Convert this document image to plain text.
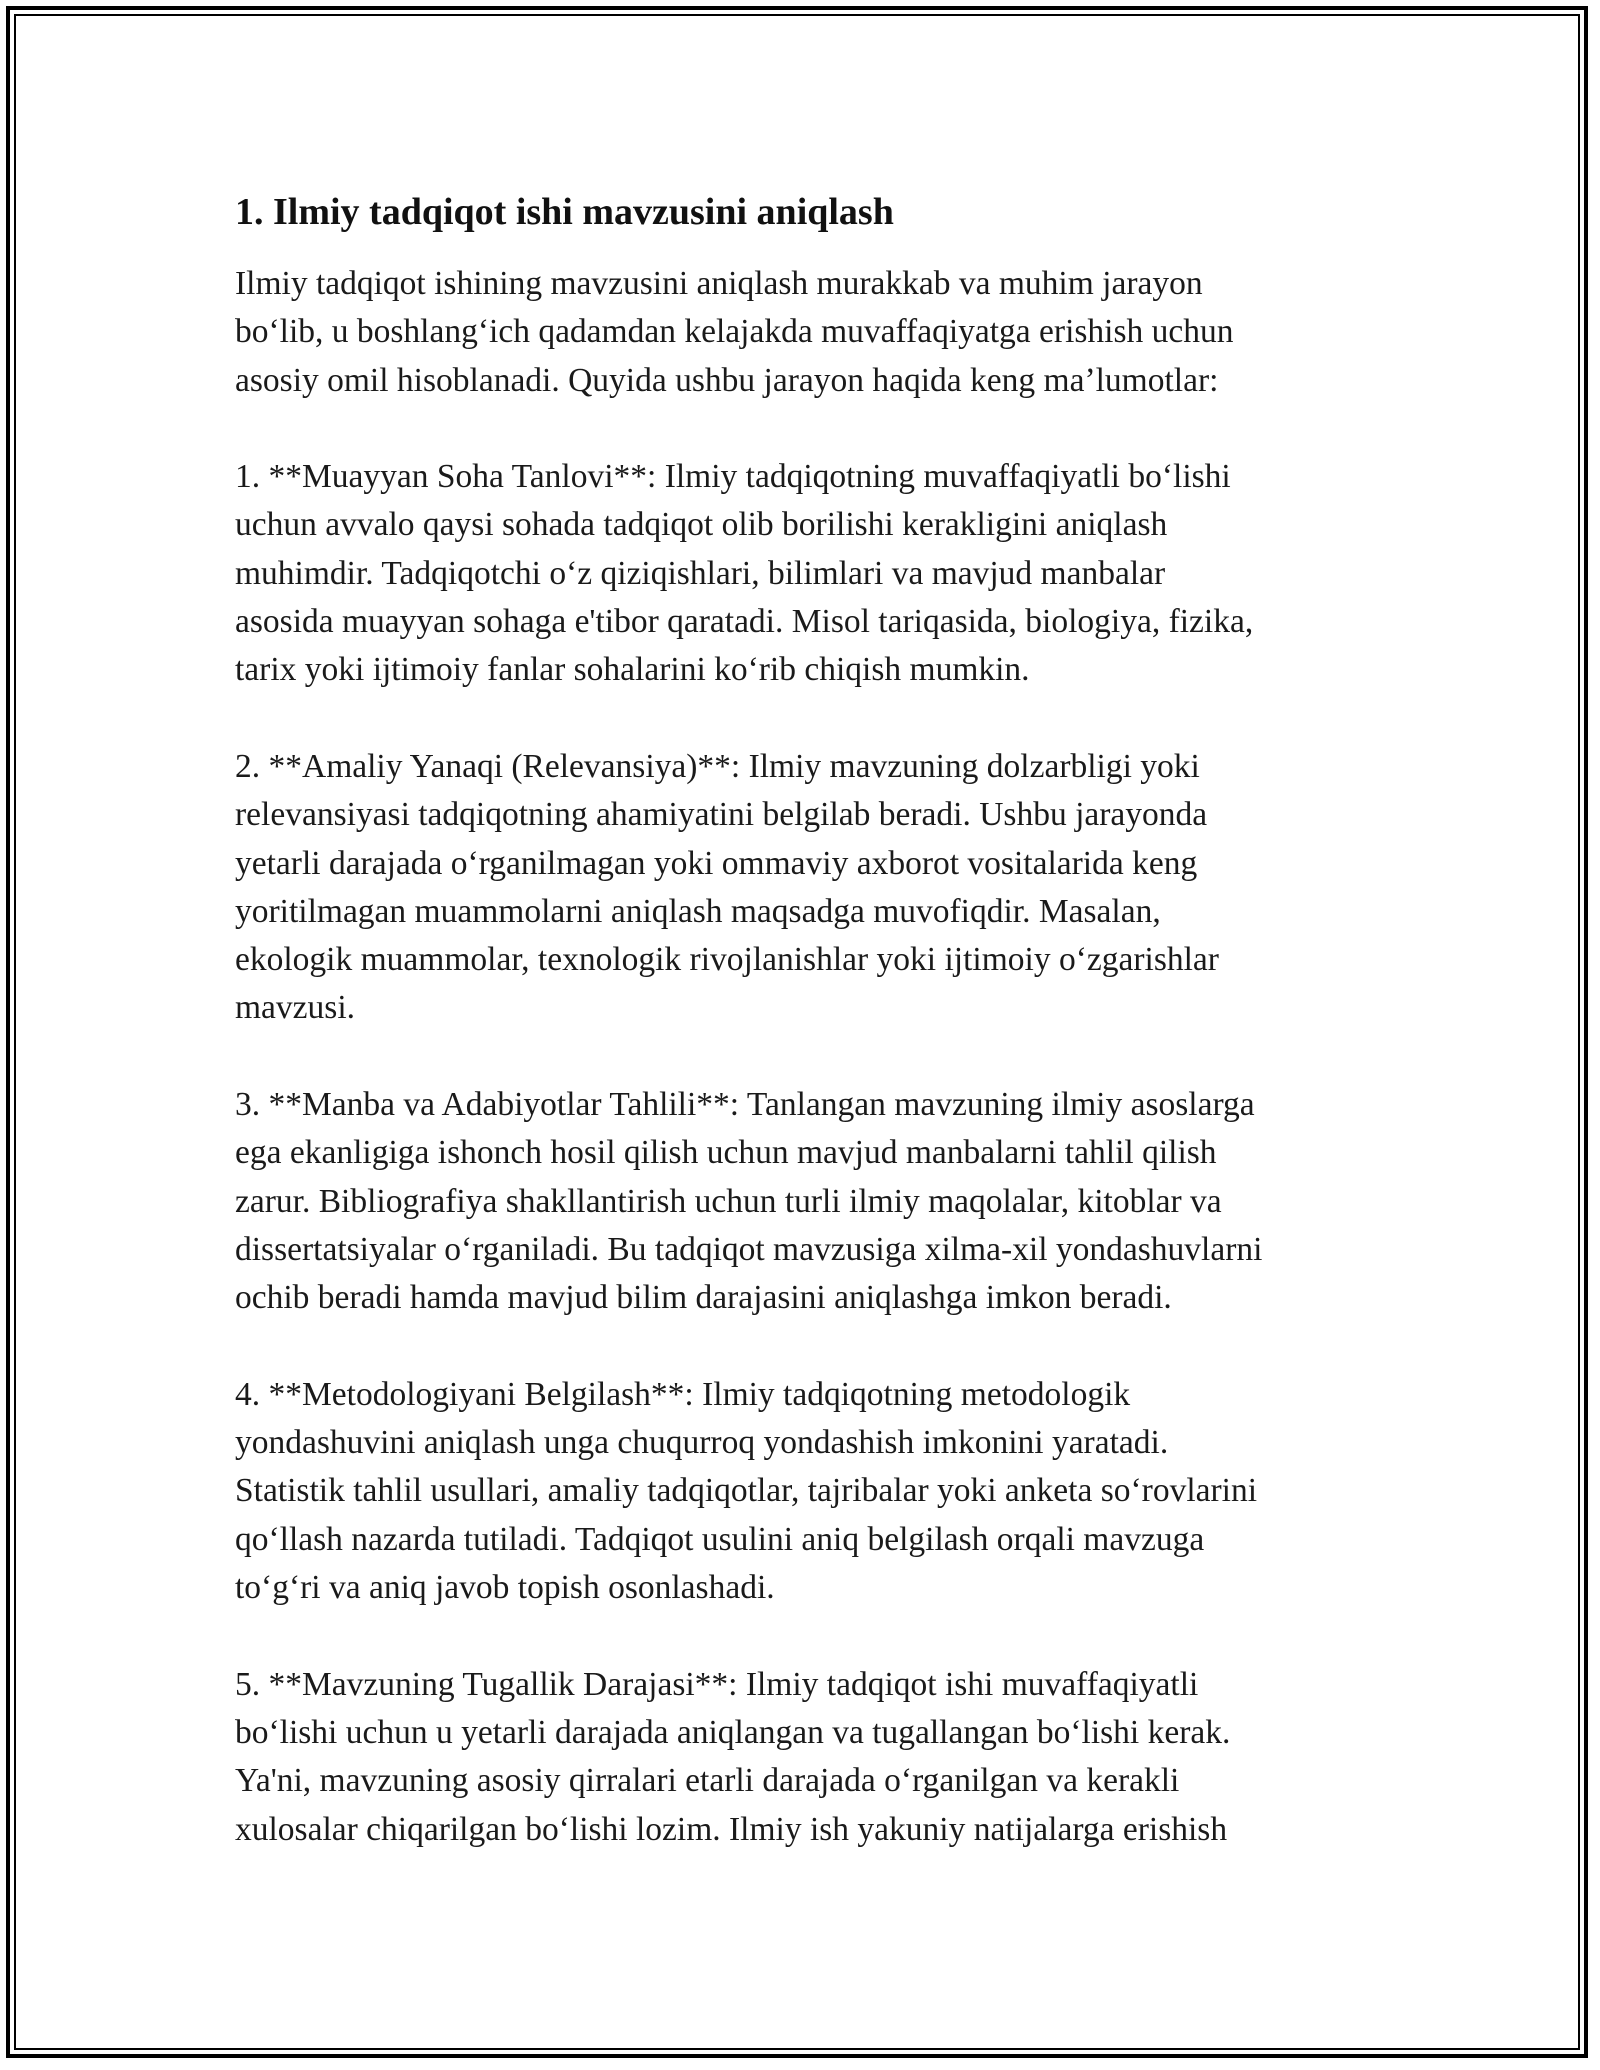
1. Ilmiy tadqiqot ishi mavzusini aniqlash

Ilmiy tadqiqot ishining mavzusini aniqlash murakkab va muhim jarayon
boʻlib, u boshlangʻich qadamdan kelajakda muvaffaqiyatga erishish uchun
asosiy omil hisoblanadi. Quyida ushbu jarayon haqida keng maʼlumotlar:

1. **Muayyan Soha Tanlovi**: Ilmiy tadqiqotning muvaffaqiyatli boʻlishi
uchun avvalo qaysi sohada tadqiqot olib borilishi kerakligini aniqlash
muhimdir. Tadqiqotchi oʻz qiziqishlari, bilimlari va mavjud manbalar
asosida muayyan sohaga e'tibor qaratadi. Misol tariqasida, biologiya, fizika,
tarix yoki ijtimoiy fanlar sohalarini koʻrib chiqish mumkin.

2. **Amaliy Yanaqi (Relevansiya)**: Ilmiy mavzuning dolzarbligi yoki
relevansiyasi tadqiqotning ahamiyatini belgilab beradi. Ushbu jarayonda
yetarli darajada oʻrganilmagan yoki ommaviy axborot vositalarida keng
yoritilmagan muammolarni aniqlash maqsadga muvofiqdir. Masalan,
ekologik muammolar, texnologik rivojlanishlar yoki ijtimoiy oʻzgarishlar
mavzusi.

3. **Manba va Adabiyotlar Tahlili**: Tanlangan mavzuning ilmiy asoslarga
ega ekanligiga ishonch hosil qilish uchun mavjud manbalarni tahlil qilish
zarur. Bibliografiya shakllantirish uchun turli ilmiy maqolalar, kitoblar va
dissertatsiyalar oʻrganiladi. Bu tadqiqot mavzusiga xilma-xil yondashuvlarni
ochib beradi hamda mavjud bilim darajasini aniqlashga imkon beradi.

4. **Metodologiyani Belgilash**: Ilmiy tadqiqotning metodologik
yondashuvini aniqlash unga chuqurroq yondashish imkonini yaratadi.
Statistik tahlil usullari, amaliy tadqiqotlar, tajribalar yoki anketa soʻrovlarini
qoʻllash nazarda tutiladi. Tadqiqot usulini aniq belgilash orqali mavzuga
toʻgʻri va aniq javob topish osonlashadi.

5. **Mavzuning Tugallik Darajasi**: Ilmiy tadqiqot ishi muvaffaqiyatli
boʻlishi uchun u yetarli darajada aniqlangan va tugallangan boʻlishi kerak.
Ya'ni, mavzuning asosiy qirralari etarli darajada oʻrganilgan va kerakli
xulosalar chiqarilgan boʻlishi lozim. Ilmiy ish yakuniy natijalarga erishish
